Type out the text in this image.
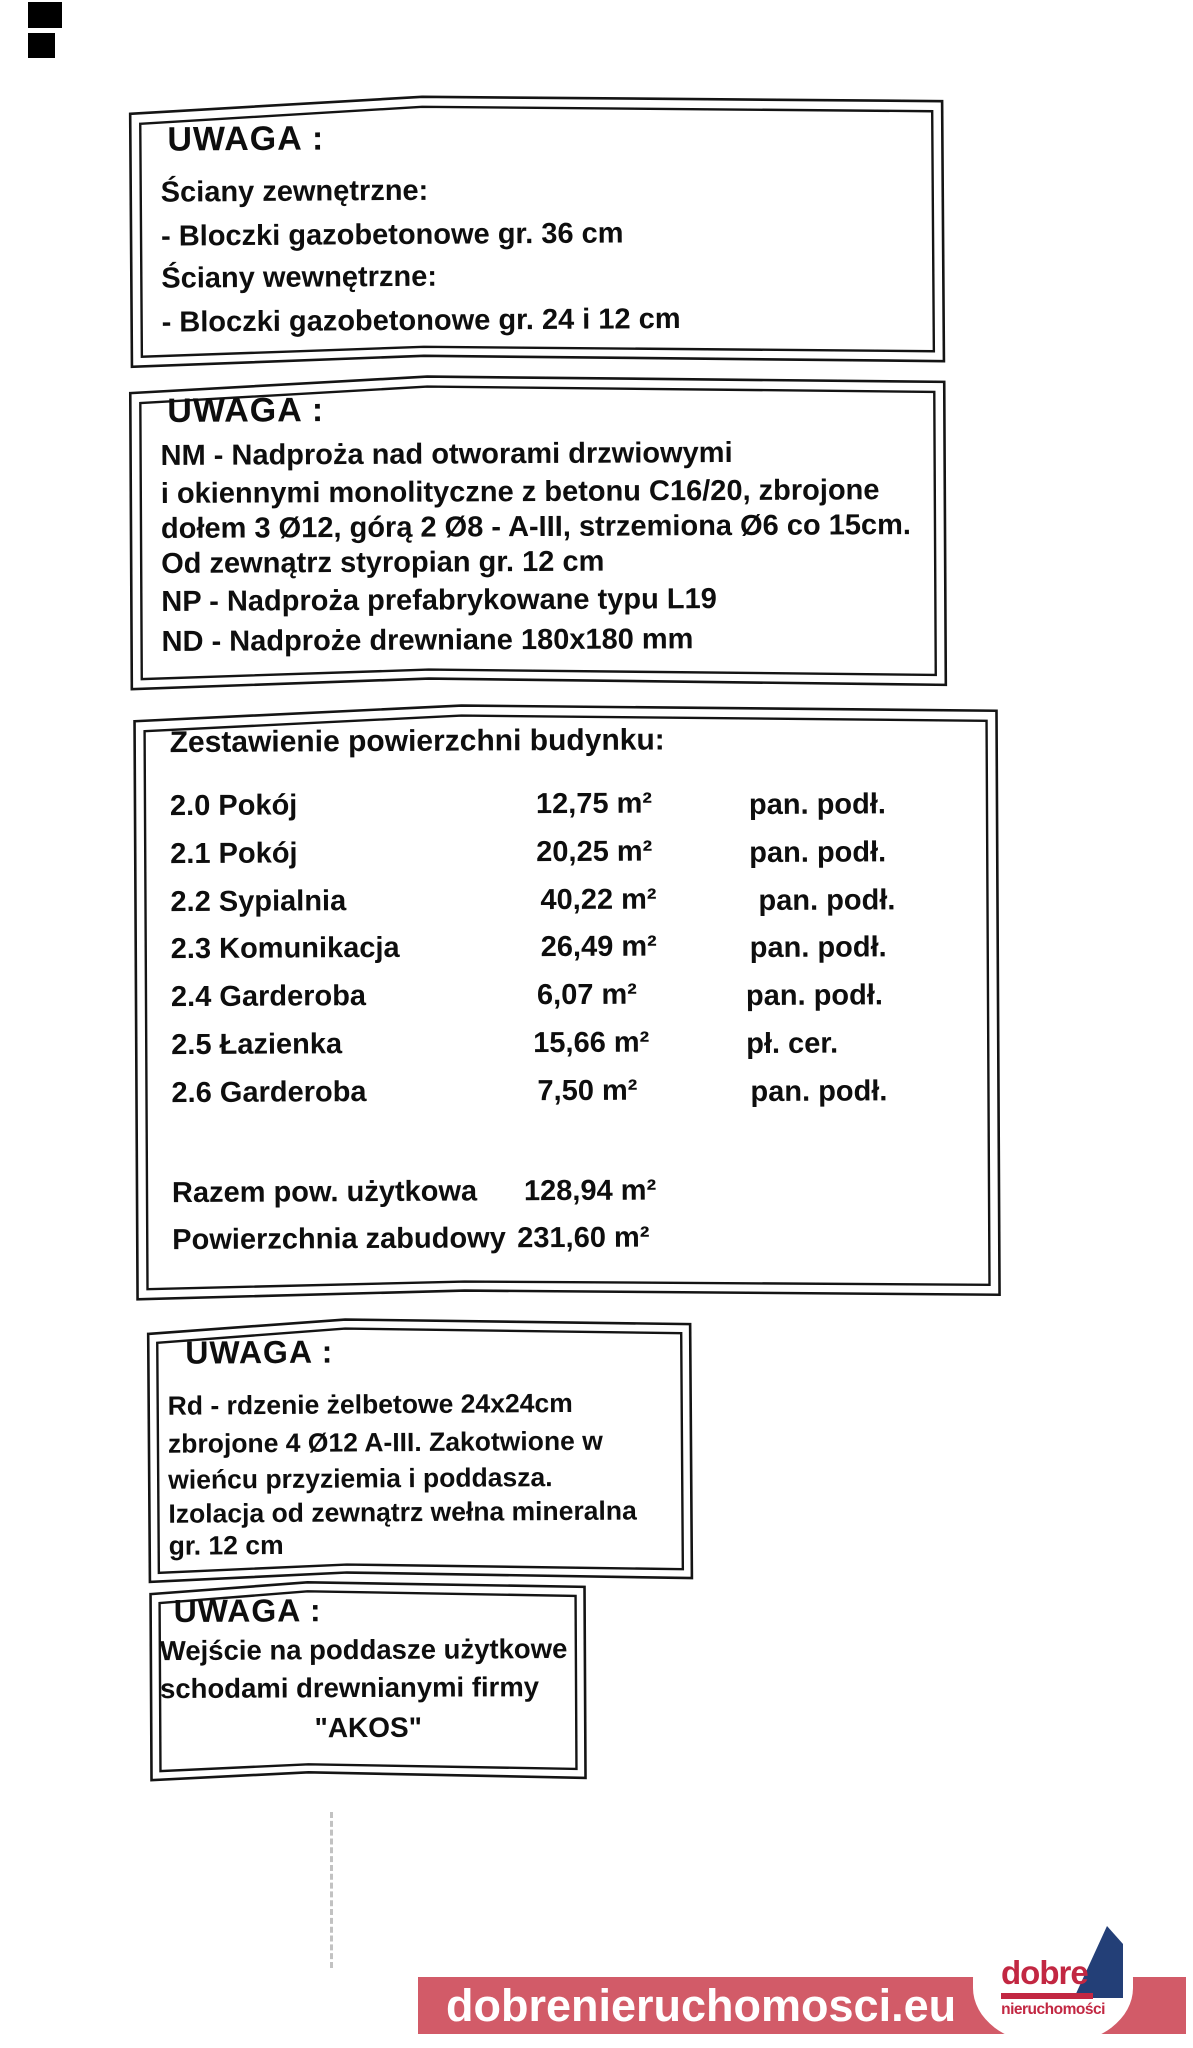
UWAGA :
Ściany zewnętrzne:
- Bloczki gazobetonowe gr. 36 cm
Ściany wewnętrzne:
- Bloczki gazobetonowe gr. 24 i 12 cm
UWAGA :
NM - Nadproża nad otworami drzwiowymi
i okiennymi monolityczne z betonu C16/20, zbrojone
dołem 3 Ø12, górą 2 Ø8 - A-III, strzemiona Ø6 co 15cm.
Od zewnątrz styropian gr. 12 cm
NP - Nadproża prefabrykowane typu L19
ND - Nadproże drewniane 180x180 mm
Zestawienie powierzchni budynku:
2.0 Pokój	12,75 m²	pan. podł.
2.1 Pokój	20,25 m²	pan. podł.
2.2 Sypialnia	40,22 m²	pan. podł.
2.3 Komunikacja	26,49 m²	pan. podł.
2.4 Garderoba	6,07 m²	pan. podł.
2.5 Łazienka	15,66 m²	pł. cer.
2.6 Garderoba	7,50 m²	pan. podł.
Razem pow. użytkowa 128,94 m²
Powierzchnia zabudowy 231,60 m²
UWAGA :
Rd - rdzenie żelbetowe 24x24cm
zbrojone 4 Ø12 A-III. Zakotwione w
wieńcu przyziemia i poddasza.
Izolacja od zewnątrz wełna mineralna
gr. 12 cm
UWAGA :
Wejście na poddasze użytkowe
schodami drewnianymi firmy
"AKOS"
dobrenieruchomosci.eu
dobre
nieruchomości
